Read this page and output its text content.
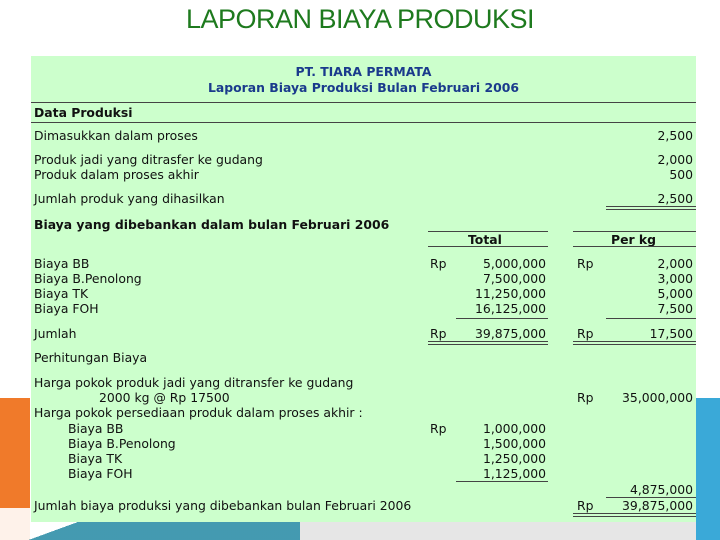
LAPORAN BIAYA PRODUKSI
PT. TIARA PERMATA
Laporan Biaya Produksi Bulan Februari 2006
Data Produksi
Dimasukkan dalam proses	2,500
Produk jadi yang ditrasfer ke gudang	2,000
Produk dalam proses akhir	500
Jumlah produk yang dihasilkan	2,500
Biaya yang dibebankan dalam bulan Februari 2006
Total	Per kg
Biaya BB	Rp	5,000,000	Rp	2,000
Biaya B.Penolong	7,500,000	3,000
Biaya TK	11,250,000	5,000
Biaya FOH	16,125,000	7,500
Jumlah	Rp	39,875,000	Rp	17,500
Perhitungan Biaya
Harga pokok produk jadi yang ditransfer ke gudang
2000 kg @ Rp 17500	Rp	35,000,000
Harga pokok persediaan produk dalam proses akhir :
Biaya BB	Rp	1,000,000
Biaya B.Penolong	1,500,000
Biaya TK	1,250,000
Biaya FOH	1,125,000
4,875,000
Jumlah biaya produksi yang dibebankan bulan Februari 2006	Rp	39,875,000
